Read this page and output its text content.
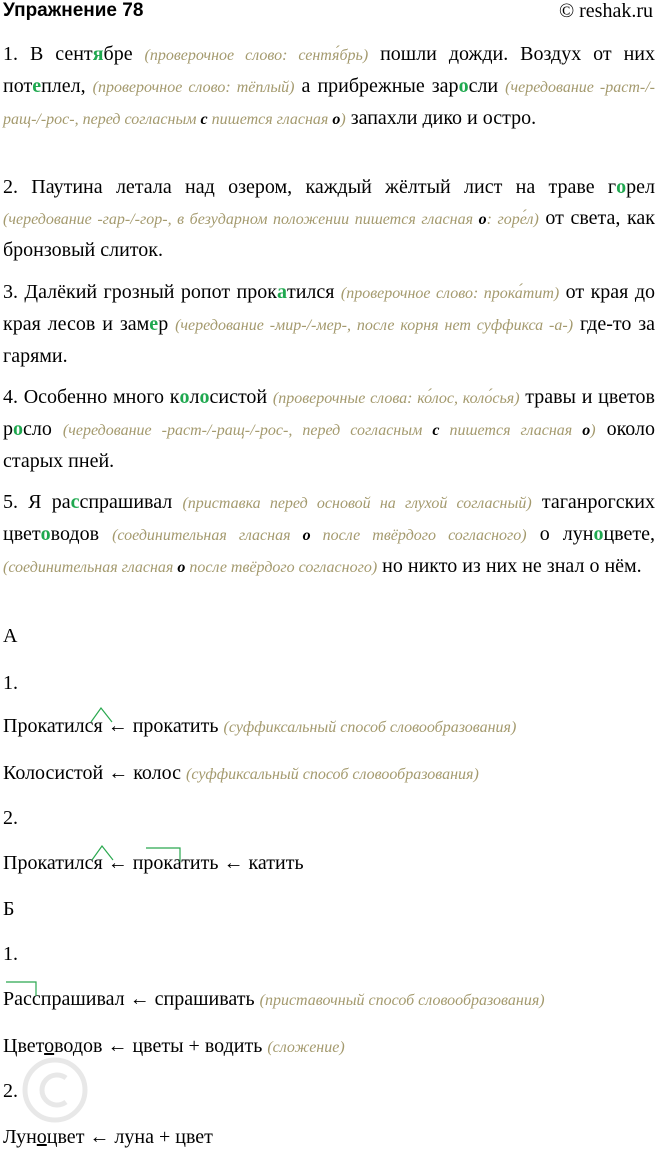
Упражнение 78	© reshak.ru
1. В сентябре (проверочное слово: сентя́брь) пошли дожди. Воздух от них потеплел, (проверочное слово: тёплый) а прибрежные заросли (чередование -раст-/-ращ-/-рос-, перед согласным с пишется гласная о) запахли дико и остро.
2. Паутина летала над озером, каждый жёлтый лист на траве горел (чередование -гар-/-гор-, в безударном положении пишется гласная о: горе́л) от света, как бронзовый слиток.
3. Далёкий грозный ропот прокатился (проверочное слово: прока́тит) от края до края лесов и замер (чередование -мир-/-мер-, после корня нет суффикса -а-) где-то за гарями.
4. Особенно много колосистой (проверочные слова: ко́лос, коло́сья) травы и цветов росло (чередование -раст-/-ращ-/-рос-, перед согласным с пишется гласная о) около старых пней.
5. Я расспрашивал (приставка перед основой на глухой согласный) таганрогских цветоводов (соединительная гласная о после твёрдого согласного) о луноцвете, (соединительная гласная о после твёрдого согласного) но никто из них не знал о нём.
А
1.
Прокатился ← прокатить (суффиксальный способ словообразования)
Колосистой ← колос (суффиксальный способ словообразования)
2.
Прокатился ← прокатить ← катить
Б
1.
Расспрашивал ← спрашивать (приставочный способ словообразования)
Цветоводов ← цветы + водить (сложение)
2.
Луноцвет ← луна + цвет
